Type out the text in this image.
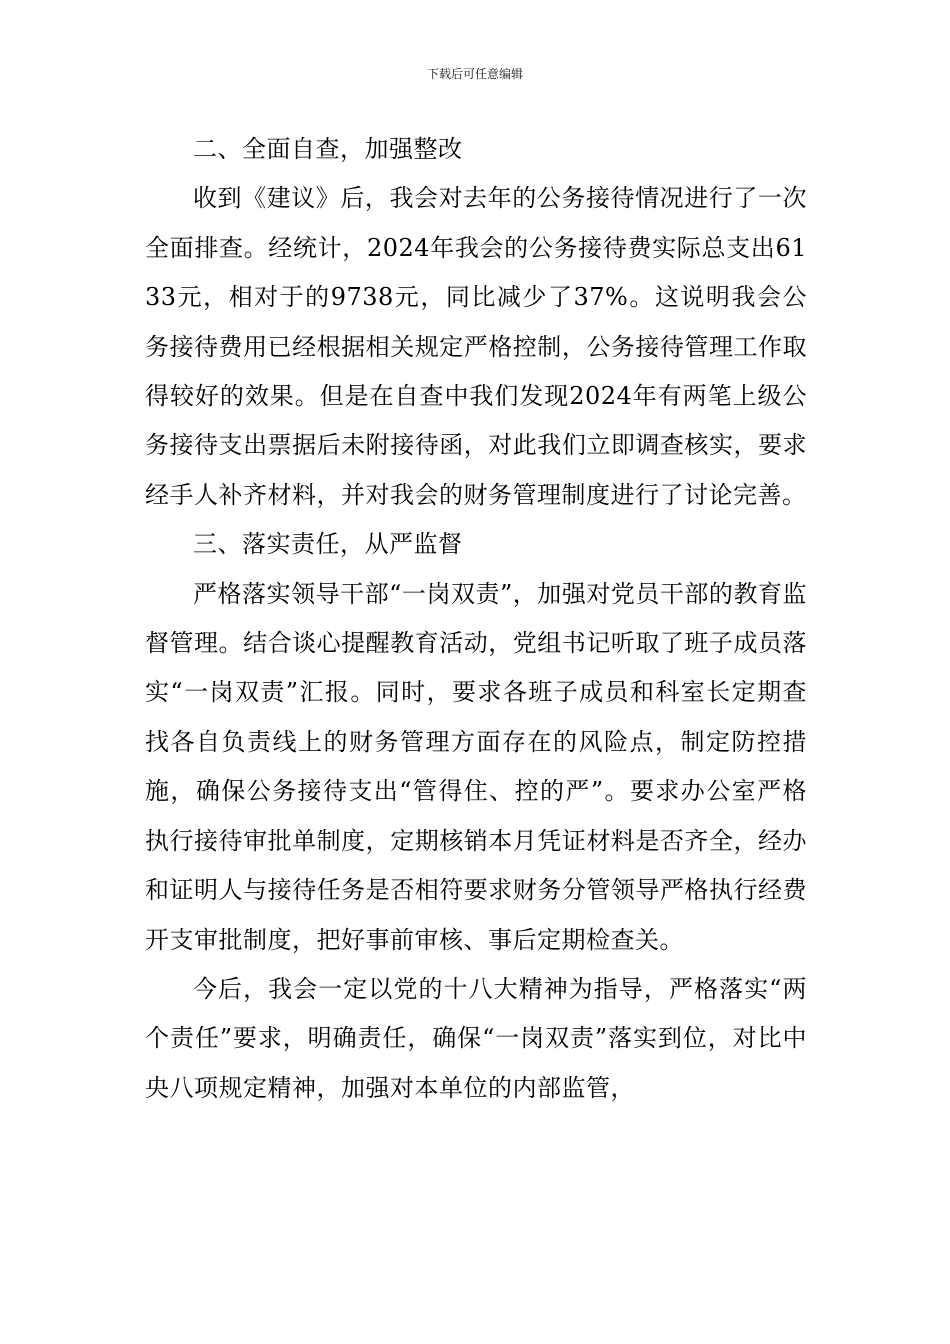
下载后可任意编辑

二、全面自查，加强整改

收到《建议》后，我会对去年的公务接待情况进行了一次全面排查。经统计，2024年我会的公务接待费实际总支出6133元，相对于的9738元，同比减少了37%。这说明我会公务接待费用已经根据相关规定严格控制，公务接待管理工作取得较好的效果。但是在自查中我们发现2024年有两笔上级公务接待支出票据后未附接待函，对此我们立即调查核实，要求经手人补齐材料，并对我会的财务管理制度进行了讨论完善。

三、落实责任，从严监督

严格落实领导干部“一岗双责”，加强对党员干部的教育监督管理。结合谈心提醒教育活动，党组书记听取了班子成员落实“一岗双责”汇报。同时，要求各班子成员和科室长定期查找各自负责线上的财务管理方面存在的风险点，制定防控措施，确保公务接待支出“管得住、控的严”。要求办公室严格执行接待审批单制度，定期核销本月凭证材料是否齐全，经办和证明人与接待任务是否相符要求财务分管领导严格执行经费开支审批制度，把好事前审核、事后定期检查关。

今后，我会一定以党的十八大精神为指导，严格落实“两个责任”要求，明确责任，确保“一岗双责”落实到位，对比中央八项规定精神，加强对本单位的内部监管，
